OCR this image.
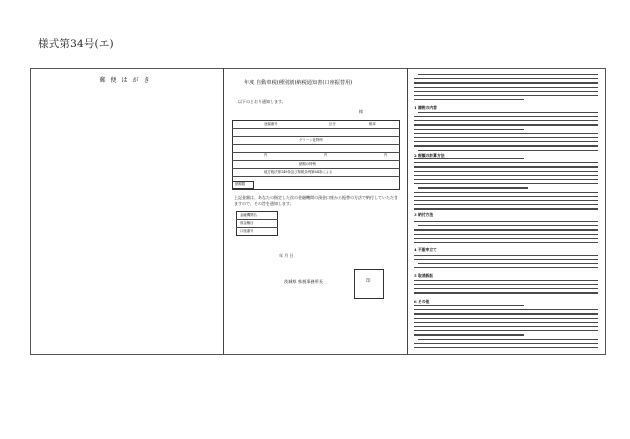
様式第34号(エ)
郵便はがき	年度 自動車税(種別割)納税通知書(口座振替用)
様
以下のとおり通知します。
登録番号	区分	税率
グリーン化特例
円	円	円
納期の特例
地方税法第149条及び県税条例第64条による
納期限
上記金額は、あなたの指定した次の金融機関の預金口座から振替の方法で納付していただきますので、その旨を通知します。
金融機関名
預金種目
口座番号
年 月 日
茨城県 県税事務所長	印
1 課税の内容
2 税額の計算方法
3 納付方法
4 不服申立て
5 取消訴訟
6 その他
